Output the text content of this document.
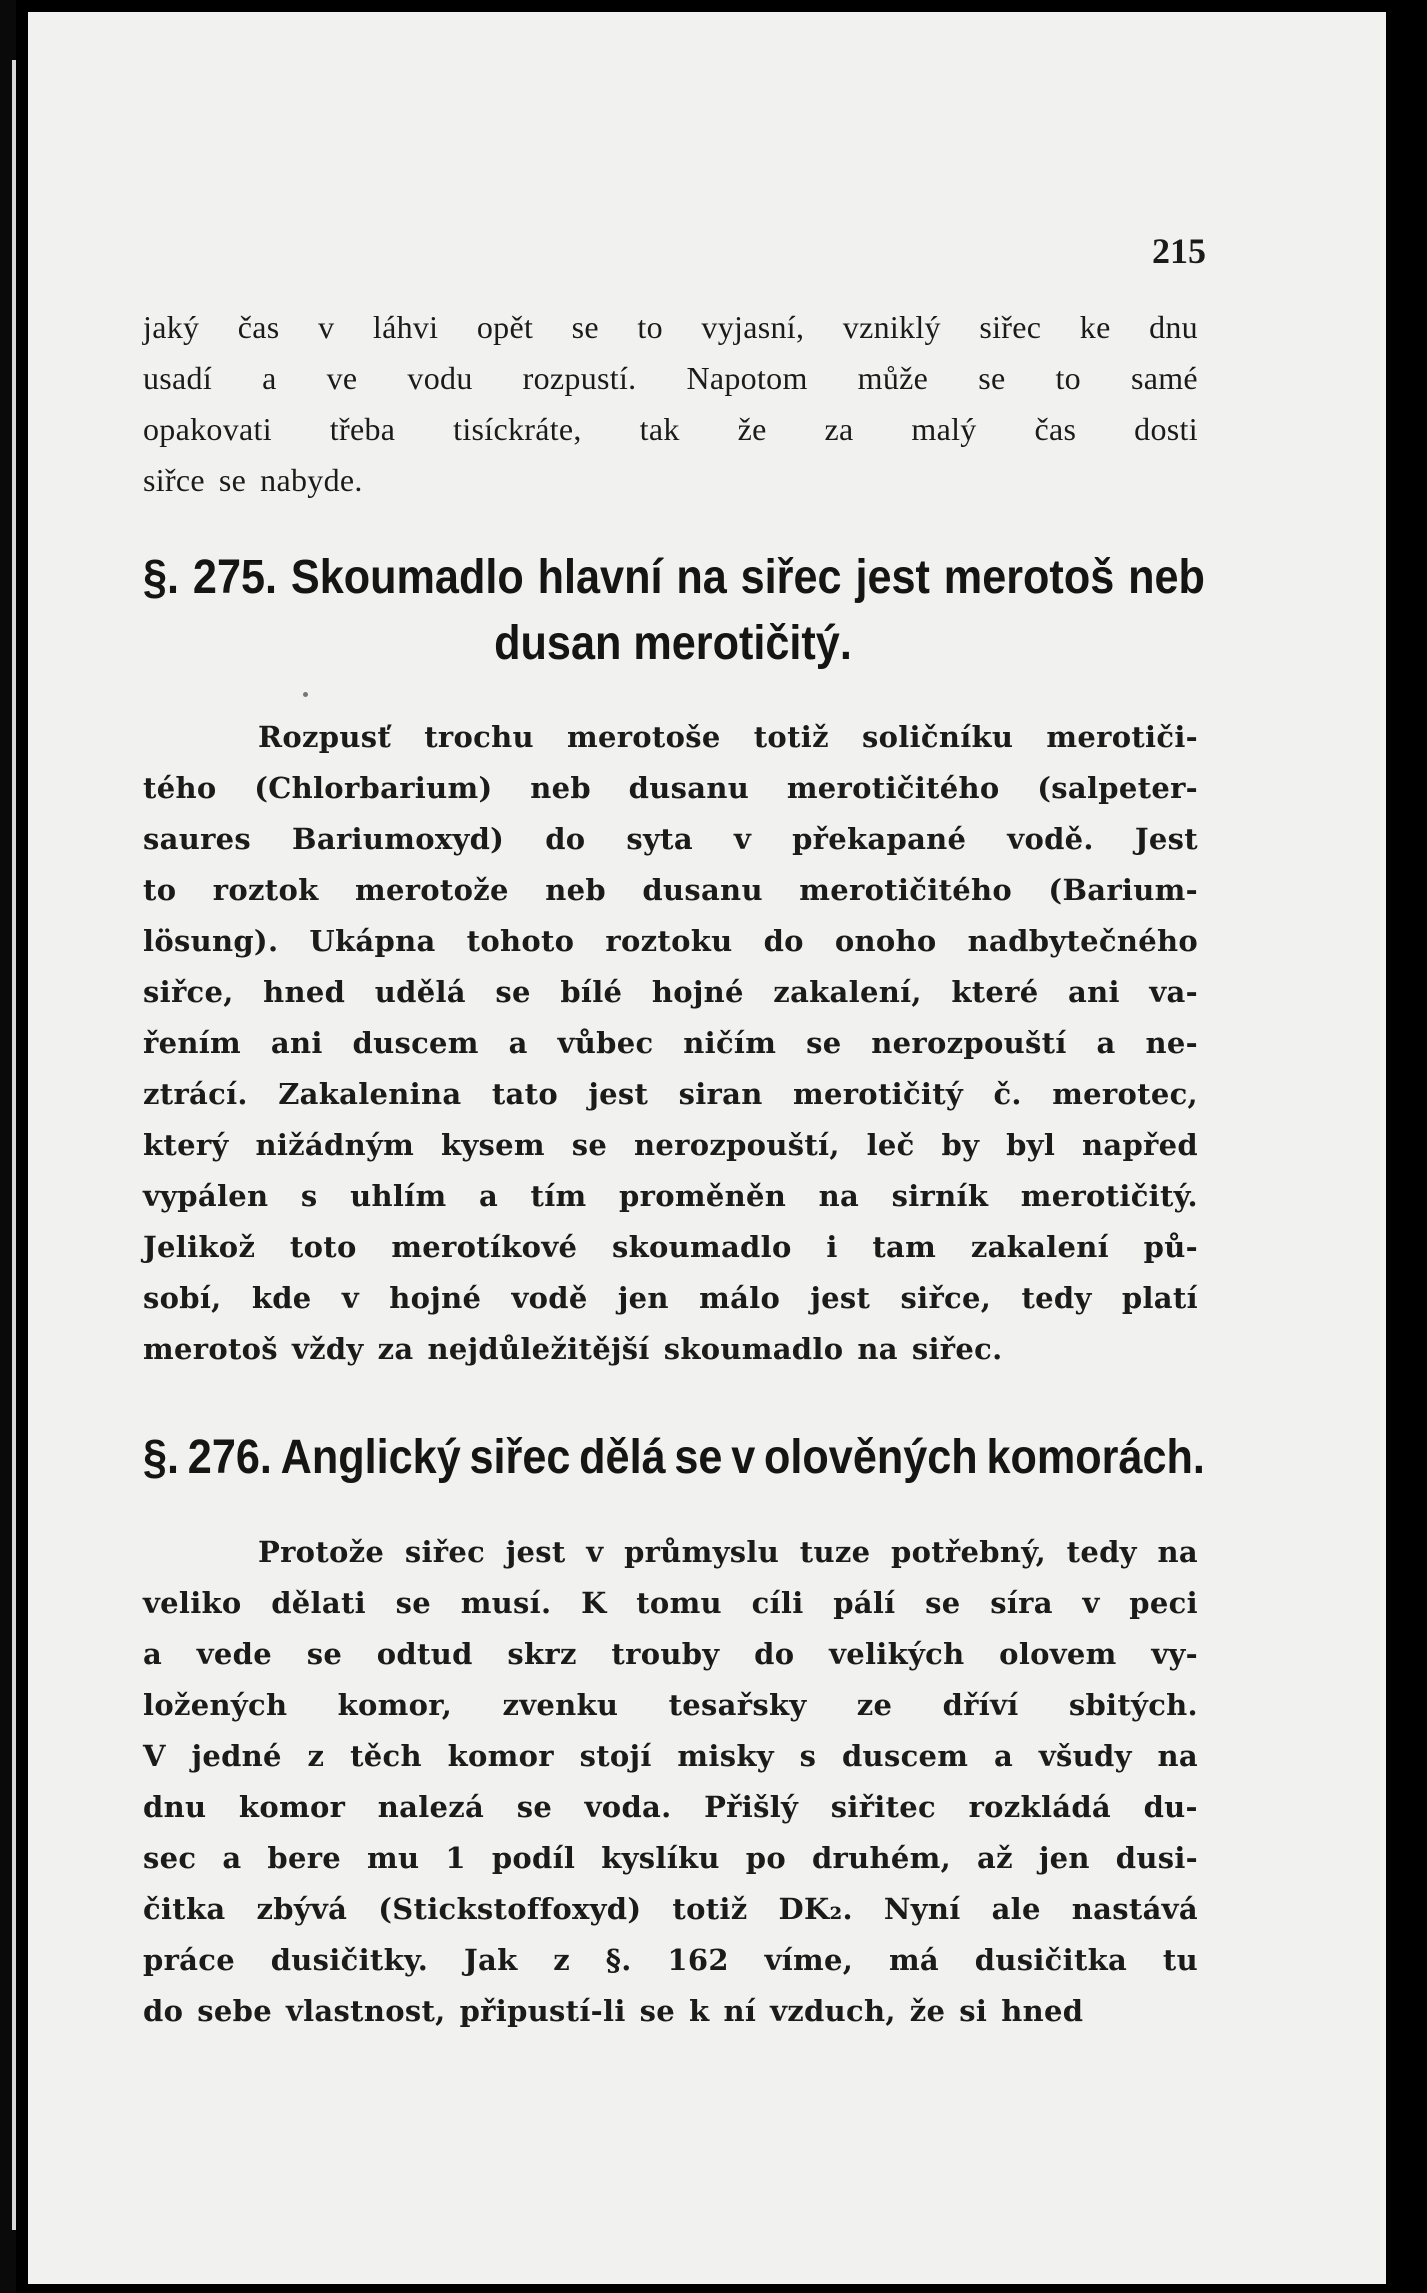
215
jaký čas v láhvi opět se to vyjasní, vzniklý siřec ke dnu
usadí a ve vodu rozpustí. Napotom může se to samé
opakovati třeba tisíckráte, tak že za malý čas dosti
siřce se nabyde.
§. 275. Skoumadlo hlavní na siřec jest merotoš neb
dusan merotičitý.
Rozpusť trochu merotoše totiž soličníku merotiči-
tého (Chlorbarium) neb dusanu merotičitého (salpeter-
saures Bariumoxyd) do syta v překapané vodě. Jest
to roztok merotože neb dusanu merotičitého (Barium-
lösung). Ukápna tohoto roztoku do onoho nadbytečného
siřce, hned udělá se bílé hojné zakalení, které ani va-
řením ani duscem a vůbec ničím se nerozpouští a ne-
ztrácí. Zakalenina tato jest siran merotičitý č. merotec,
který nižádným kysem se nerozpouští, leč by byl napřed
vypálen s uhlím a tím proměněn na sirník merotičitý.
Jelikož toto merotíkové skoumadlo i tam zakalení pů-
sobí, kde v hojné vodě jen málo jest siřce, tedy platí
merotoš vždy za nejdůležitější skoumadlo na siřec.
§. 276. Anglický siřec dělá se v olověných komorách.
Protože siřec jest v průmyslu tuze potřebný, tedy na
veliko dělati se musí. K tomu cíli pálí se síra v peci
a vede se odtud skrz trouby do velikých olovem vy-
ložených komor, zvenku tesařsky ze dříví sbitých.
V jedné z těch komor stojí misky s duscem a všudy na
dnu komor nalezá se voda. Přišlý siřitec rozkládá du-
sec a bere mu 1 podíl kyslíku po druhém, až jen dusi-
čitka zbývá (Stickstoffoxyd) totiž DK₂. Nyní ale nastává
práce dusičitky. Jak z §. 162 víme, má dusičitka tu
do sebe vlastnost, připustí-li se k ní vzduch, že si hned
